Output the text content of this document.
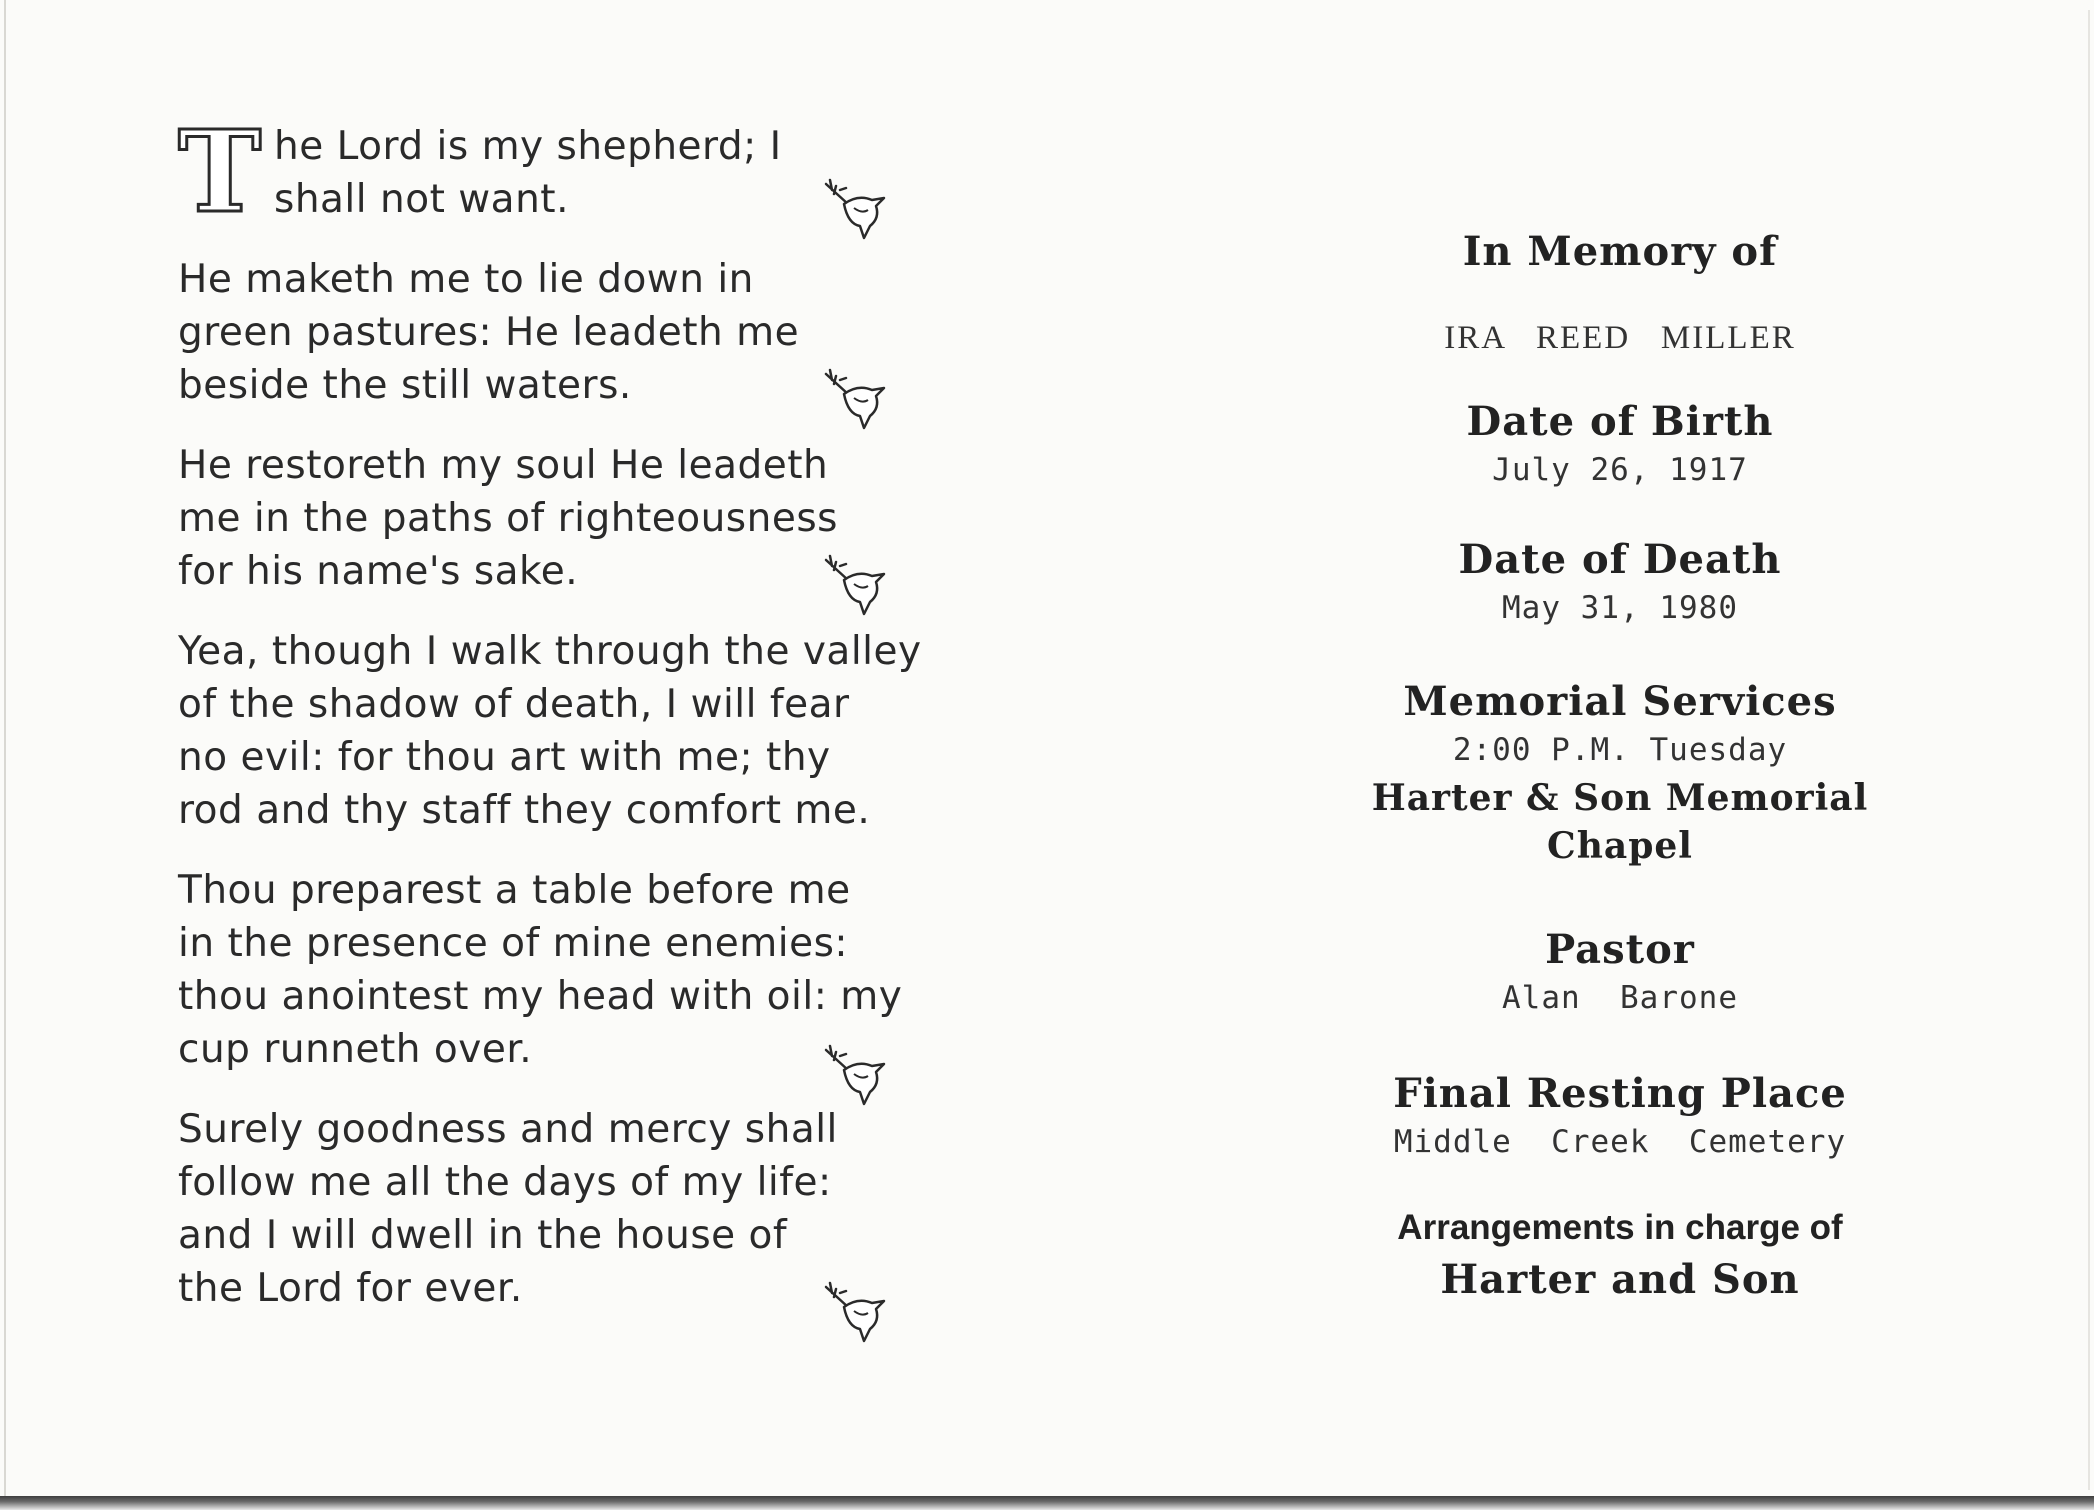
T he Lord is my shepherd; I
shall not want.

He maketh me to lie down in
green pastures: He leadeth me
beside the still waters.

He restoreth my soul He leadeth
me in the paths of righteousness
for his name's sake.

Yea, though I walk through the valley
of the shadow of death, I will fear
no evil: for thou art with me; thy
rod and thy staff they comfort me.

Thou preparest a table before me
in the presence of mine enemies:
thou anointest my head with oil: my
cup runneth over.

Surely goodness and mercy shall
follow me all the days of my life:
and I will dwell in the house of
the Lord for ever.

In Memory of
IRA   REED   MILLER
Date of Birth
July 26, 1917
Date of Death
May 31, 1980
Memorial Services
2:00 P.M. Tuesday
Harter & Son Memorial Chapel
Pastor
Alan  Barone
Final Resting Place
Middle  Creek  Cemetery
Arrangements in charge of
Harter and Son
